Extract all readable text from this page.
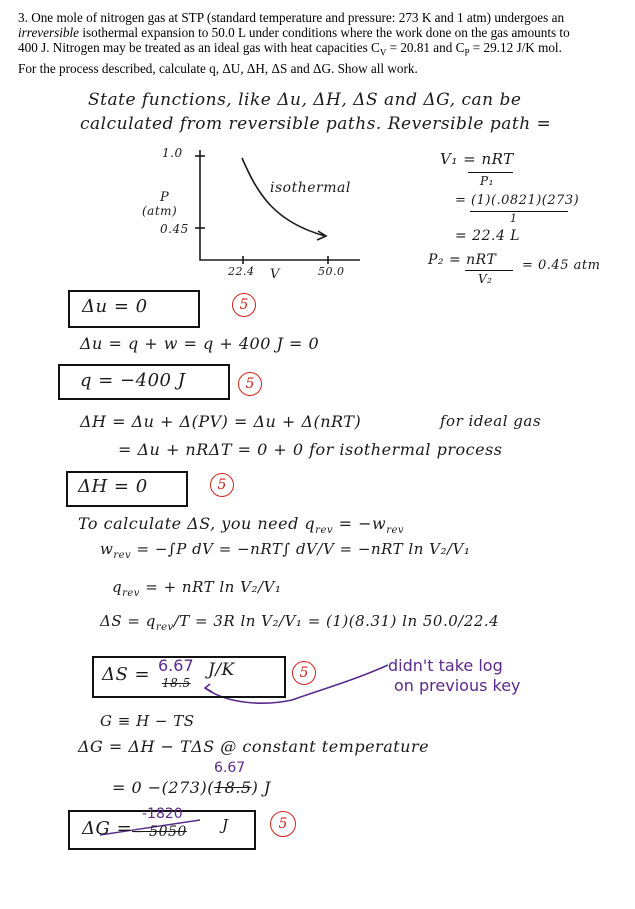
3. One mole of nitrogen gas at STP (standard temperature and pressure: 273 K and 1 atm) undergoes an
irreversible isothermal expansion to 50.0 L under conditions where the work done on the gas amounts to
400 J. Nitrogen may be treated as an ideal gas with heat capacities $C_V = 20.81$ and $C_P = 29.12$ J/K mol.
For the process described, calculate q, ΔU, ΔH, ΔS and ΔG. Show all work.
State functions, like Δu, ΔH, ΔS and ΔG, can be
calculated from reversible paths. Reversible path =
1.0
P
(atm)
0.45
isothermal
22.4 V	50.0
V₁ = nRT
P₁
= (1)(.0821)(273)
1
= 22.4 L
P₂ = nRT
V₂
= 0.45 atm
Δu = 0	5
Δu = q + w = q + 400 J = 0
q = −400 J	5
ΔH = Δu + Δ(PV) = Δu + Δ(nRT)	for ideal gas
= Δu + nRΔT = 0 + 0 for isothermal process
ΔH = 0	5
To calculate ΔS, you need $q_{rev} = -w_{rev}$
$w_{rev} = -\int P$ dV = −nRT∫ dV/V = −nRT ln V₂/V₁
$q_{rev}$ = + nRT ln V₂/V₁
$\Delta S = q_{rev}/T = 3R$ ln V₂/V₁ = (1)(8.31) ln 50.0/22.4
ΔS = 6.67 J/K
18.5
5	didn't take log
on previous key
G ≡ H − TS
ΔG = ΔH − TΔS @ constant temperature
6.67
= 0 −(273)(18.5) J
ΔG =
-1820
− 5050 J	5
